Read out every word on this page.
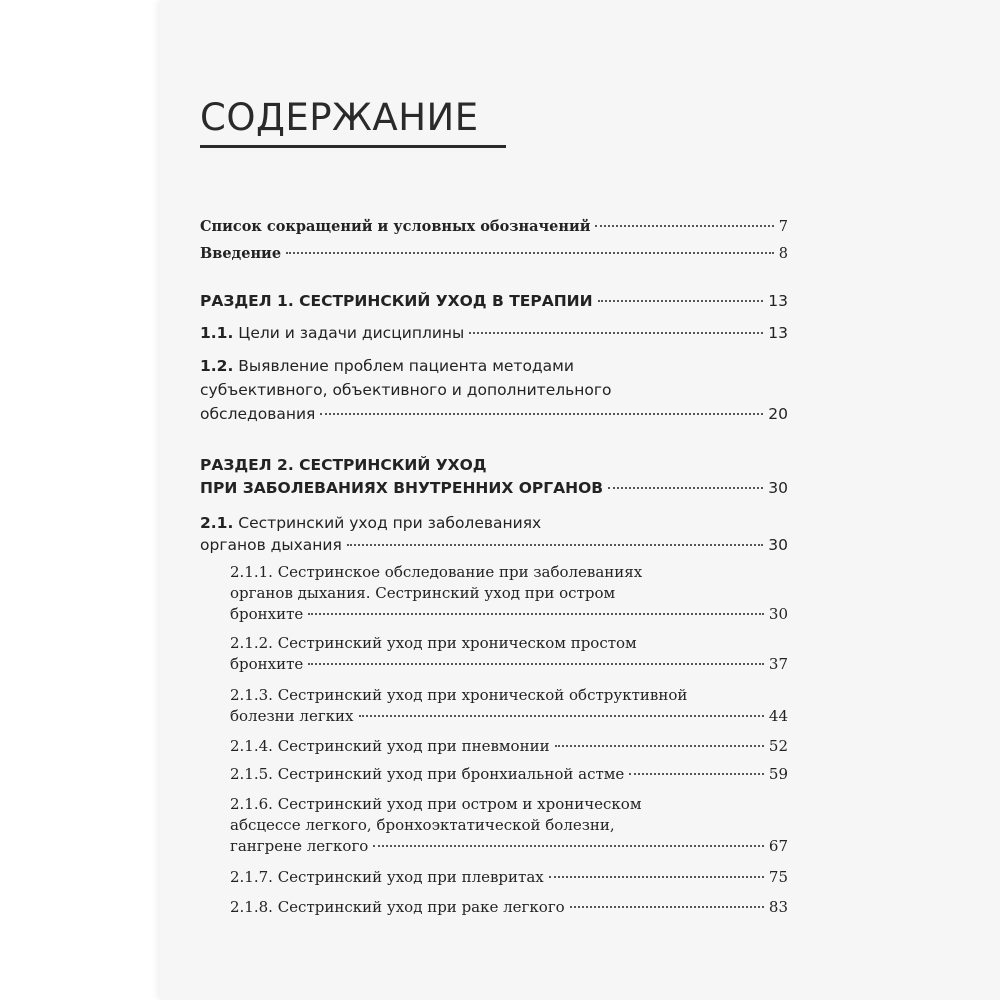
СОДЕРЖАНИЕ
Список сокращений и условных обозначений	7
Введение	8
РАЗДЕЛ 1. СЕСТРИНСКИЙ УХОД В ТЕРАПИИ	13
1.1. Цели и задачи дисциплины	13
1.2. Выявление проблем пациента методами
субъективного, объективного и дополнительного
обследования	20
РАЗДЕЛ 2. СЕСТРИНСКИЙ УХОД
ПРИ ЗАБОЛЕВАНИЯХ ВНУТРЕННИХ ОРГАНОВ	30
2.1. Сестринский уход при заболеваниях
органов дыхания	30
2.1.1. Сестринское обследование при заболеваниях
органов дыхания. Сестринский уход при остром
бронхите	30
2.1.2. Сестринский уход при хроническом простом
бронхите	37
2.1.3. Сестринский уход при хронической обструктивной
болезни легких	44
2.1.4. Сестринский уход при пневмонии	52
2.1.5. Сестринский уход при бронхиальной астме	59
2.1.6. Сестринский уход при остром и хроническом
абсцессе легкого, бронхоэктатической болезни,
гангрене легкого	67
2.1.7. Сестринский уход при плевритах	75
2.1.8. Сестринский уход при раке легкого	83
